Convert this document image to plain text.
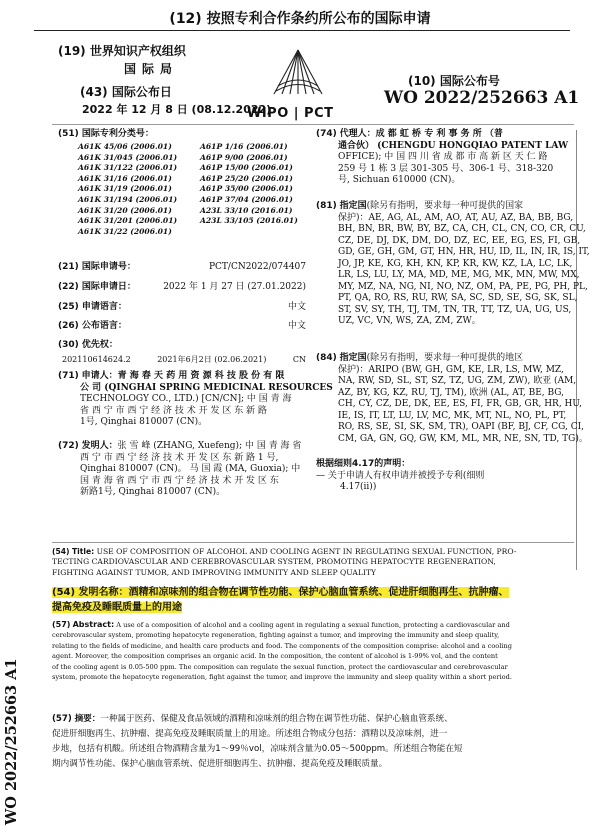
(12) 按照专利合作条约所公布的国际申请
(19) 世界知识产权组织
国际局
(43) 国际公布日
2022 年 12 月 8 日 (08.12.2022)
WIPO | PCT
(10) 国际公布号
WO 2022/252663 A1
(51) 国际专利分类号：
A61K 45/06 (2006.01)	A61P 1/16 (2006.01)
A61K 31/045 (2006.01)	A61P 9/00 (2006.01)
A61K 31/122 (2006.01)	A61P 15/00 (2006.01)
A61K 31/16 (2006.01)	A61P 25/20 (2006.01)
A61K 31/19 (2006.01)	A61P 35/00 (2006.01)
A61K 31/194 (2006.01)	A61P 37/04 (2006.01)
A61K 31/20 (2006.01)	A23L 33/10 (2016.01)
A61K 31/201 (2006.01)	A23L 33/105 (2016.01)
A61K 31/22 (2006.01)
(21) 国际申请号：	PCT/CN2022/074407
(22) 国际申请日：	2022 年 1 月 27 日 (27.01.2022)
(25) 申请语言：	中文
(26) 公布语言：	中文
(30) 优先权：
202110614624.2	2021年6月2日 (02.06.2021)	CN
(71) 申请人：青 海 春 天 药 用 资 源 科 技 股 份 有 限
公 司 (QINGHAI SPRING MEDICINAL RESOURCES
TECHNOLOGY CO., LTD.) [CN/CN]; 中 国 青 海
省 西 宁 市 西 宁 经 济 技 术 开 发 区 东 新 路
1号, Qinghai 810007 (CN)。
(72) 发明人：张 雪 峰 (ZHANG, Xuefeng); 中 国 青 海 省
西 宁 市 西 宁 经 济 技 术 开 发 区 东 新 路 1 号,
Qinghai 810007 (CN)。 马 国 霞 (MA, Guoxia); 中
国 青 海 省 西 宁 市 西 宁 经 济 技 术 开 发 区 东
新路1号, Qinghai 810007 (CN)。
(74) 代理人：成 都 虹 桥 专 利 事 务 所 （普
通合伙） (CHENGDU HONGQIAO PATENT LAW
OFFICE); 中 国 四 川 省 成 都 市 高 新 区 天 仁 路
259 号 1 栋 3 层 301-305 号、306-1 号、318-320
号, Sichuan 610000 (CN)。
(81) 指定国(除另有指明，要求每一种可提供的国家
保护)：AE, AG, AL, AM, AO, AT, AU, AZ, BA, BB, BG,
BH, BN, BR, BW, BY, BZ, CA, CH, CL, CN, CO, CR, CU,
CZ, DE, DJ, DK, DM, DO, DZ, EC, EE, EG, ES, FI, GB,
GD, GE, GH, GM, GT, HN, HR, HU, ID, IL, IN, IR, IS, IT,
JO, JP, KE, KG, KH, KN, KP, KR, KW, KZ, LA, LC, LK,
LR, LS, LU, LY, MA, MD, ME, MG, MK, MN, MW, MX,
MY, MZ, NA, NG, NI, NO, NZ, OM, PA, PE, PG, PH, PL,
PT, QA, RO, RS, RU, RW, SA, SC, SD, SE, SG, SK, SL,
ST, SV, SY, TH, TJ, TM, TN, TR, TT, TZ, UA, UG, US,
UZ, VC, VN, WS, ZA, ZM, ZW。
(84) 指定国(除另有指明，要求每一种可提供的地区
保护)：ARIPO (BW, GH, GM, KE, LR, LS, MW, MZ,
NA, RW, SD, SL, ST, SZ, TZ, UG, ZM, ZW), 欧亚 (AM,
AZ, BY, KG, KZ, RU, TJ, TM), 欧洲 (AL, AT, BE, BG,
CH, CY, CZ, DE, DK, EE, ES, FI, FR, GB, GR, HR, HU,
IE, IS, IT, LT, LU, LV, MC, MK, MT, NL, NO, PL, PT,
RO, RS, SE, SI, SK, SM, TR), OAPI (BF, BJ, CF, CG, CI,
CM, GA, GN, GQ, GW, KM, ML, MR, NE, SN, TD, TG)。
根据细则4.17的声明：
— 关于申请人有权申请并被授予专利(细则
4.17(ii))
(54) Title: USE OF COMPOSITION OF ALCOHOL AND COOLING AGENT IN REGULATING SEXUAL FUNCTION, PRO-
TECTING CARDIOVASCULAR AND CEREBROVASCULAR SYSTEM, PROMOTING HEPATOCYTE REGENERATION,
FIGHTING AGAINST TUMOR, AND IMPROVING IMMUNITY AND SLEEP QUALITY
(54) 发明名称：酒精和凉味剂的组合物在调节性功能、保护心脑血管系统、促进肝细胞再生、抗肿瘤、
提高免疫及睡眠质量上的用途
(57) Abstract: A use of a composition of alcohol and a cooling agent in regulating a sexual function, protecting a cardiovascular and
cerebrovascular system, promoting hepatocyte regeneration, fighting against a tumor, and improving the immunity and sleep quality,
relating to the fields of medicine, and health care products and food. The components of the composition comprise: alcohol and a cooling
agent. Moreover, the composition comprises an organic acid. In the composition, the content of alcohol is 1-99% vol, and the content
of the cooling agent is 0.05-500 ppm. The composition can regulate the sexual function, protect the cardiovascular and cerebrovascular
system, promote the hepatocyte regeneration, fight against the tumor, and improve the immunity and sleep quality within a short period.
(57) 摘要：一种属于医药、保健及食品领域的酒精和凉味剂的组合物在调节性功能、保护心脑血管系统、
促进肝细胞再生、抗肿瘤、提高免疫及睡眠质量上的用途。所述组合物成分包括：酒精以及凉味剂，进一
步地，包括有机酸。所述组合物酒精含量为1～99％vol，凉味剂含量为0.05～500ppm。所述组合物能在短
期内调节性功能、保护心脑血管系统、促进肝细胞再生、抗肿瘤、提高免疫及睡眠质量。
WO 2022/252663 A1
